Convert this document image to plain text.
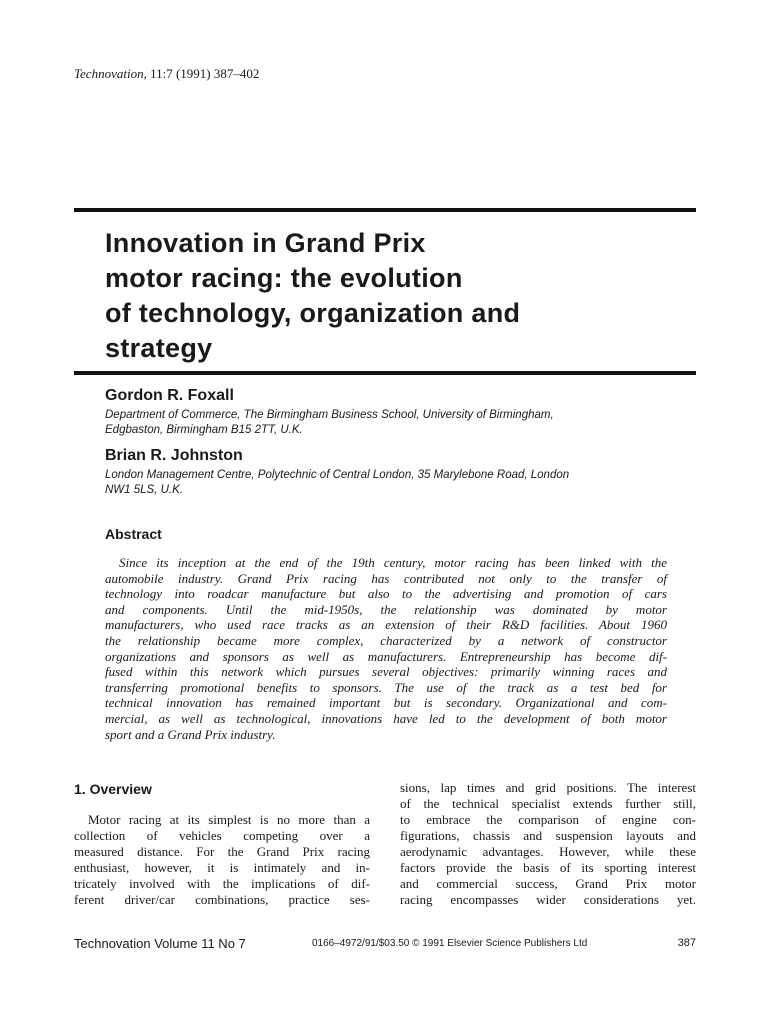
Technovation, 11:7 (1991) 387–402
Innovation in Grand Prix
motor racing: the evolution
of technology, organization and
strategy
Gordon R. Foxall
Department of Commerce, The Birmingham Business School, University of Birmingham,
Edgbaston, Birmingham B15 2TT, U.K.
Brian R. Johnston
London Management Centre, Polytechnic of Central London, 35 Marylebone Road, London
NW1 5LS, U.K.
Abstract
Since its inception at the end of the 19th century, motor racing has been linked with the
automobile industry. Grand Prix racing has contributed not only to the transfer of
technology into roadcar manufacture but also to the advertising and promotion of cars
and components. Until the mid-1950s, the relationship was dominated by motor
manufacturers, who used race tracks as an extension of their R&D facilities. About 1960
the relationship became more complex, characterized by a network of constructor
organizations and sponsors as well as manufacturers. Entrepreneurship has become dif-
fused within this network which pursues several objectives: primarily winning races and
transferring promotional benefits to sponsors. The use of the track as a test bed for
technical innovation has remained important but is secondary. Organizational and com-
mercial, as well as technological, innovations have led to the development of both motor
sport and a Grand Prix industry.
1. Overview
Motor racing at its simplest is no more than a
collection of vehicles competing over a
measured distance. For the Grand Prix racing
enthusiast, however, it is intimately and in-
tricately involved with the implications of dif-
ferent driver/car combinations, practice ses-
sions, lap times and grid positions. The interest
of the technical specialist extends further still,
to embrace the comparison of engine con-
figurations, chassis and suspension layouts and
aerodynamic advantages. However, while these
factors provide the basis of its sporting interest
and commercial success, Grand Prix motor
racing encompasses wider considerations yet.
Technovation Volume 11 No 7	0166–4972/91/$03.50 © 1991 Elsevier Science Publishers Ltd	387
